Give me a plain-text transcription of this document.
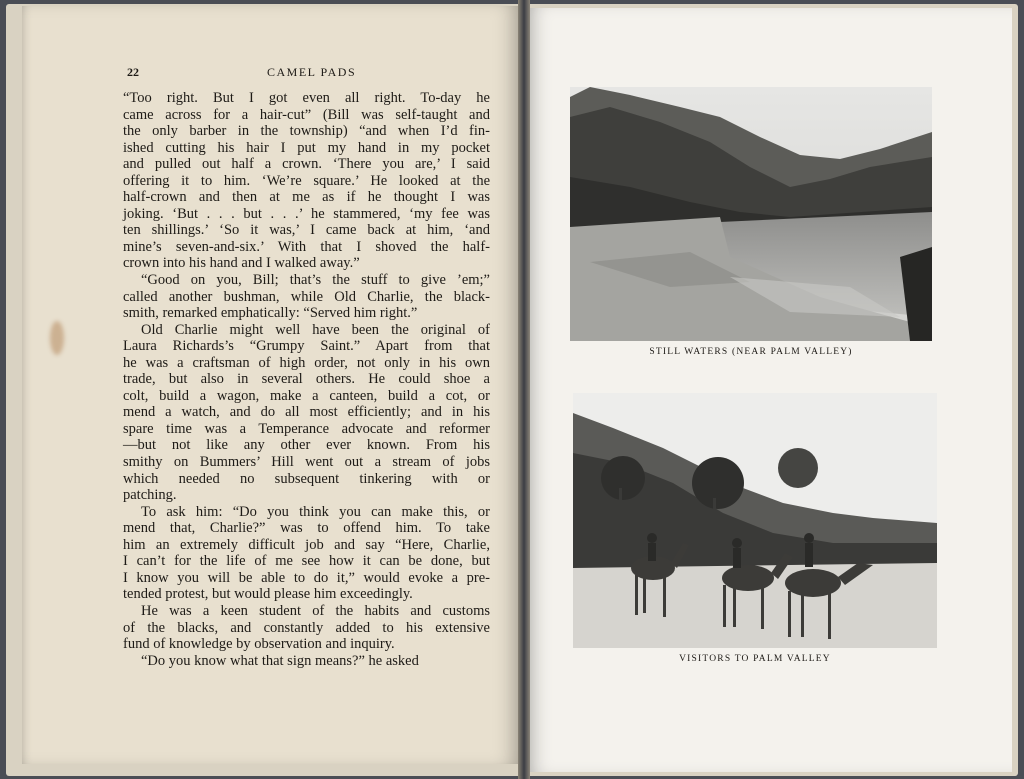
22	CAMEL PADS
“Too right. But I got even all right. To-day he
came across for a hair-cut” (Bill was self-taught and
the only barber in the township) “and when I’d fin-
ished cutting his hair I put my hand in my pocket
and pulled out half a crown. ‘There you are,’ I said
offering it to him. ‘We’re square.’ He looked at the
half-crown and then at me as if he thought I was
joking. ‘But . . . but . . .’ he stammered, ‘my fee was
ten shillings.’ ‘So it was,’ I came back at him, ‘and
mine’s seven-and-six.’ With that I shoved the half-
crown into his hand and I walked away.”
“Good on you, Bill; that’s the stuff to give ’em;”
called another bushman, while Old Charlie, the black-
smith, remarked emphatically: “Served him right.”
Old Charlie might well have been the original of
Laura Richards’s “Grumpy Saint.” Apart from that
he was a craftsman of high order, not only in his own
trade, but also in several others. He could shoe a
colt, build a wagon, make a canteen, build a cot, or
mend a watch, and do all most efficiently; and in his
spare time was a Temperance advocate and reformer
—but not like any other ever known. From his
smithy on Bummers’ Hill went out a stream of jobs
which needed no subsequent tinkering with or
patching.
To ask him: “Do you think you can make this, or
mend that, Charlie?” was to offend him. To take
him an extremely difficult job and say “Here, Charlie,
I can’t for the life of me see how it can be done, but
I know you will be able to do it,” would evoke a pre-
tended protest, but would please him exceedingly.
He was a keen student of the habits and customs
of the blacks, and constantly added to his extensive
fund of knowledge by observation and inquiry.
“Do you know what that sign means?” he asked
STILL WATERS (NEAR PALM VALLEY)
VISITORS TO PALM VALLEY
